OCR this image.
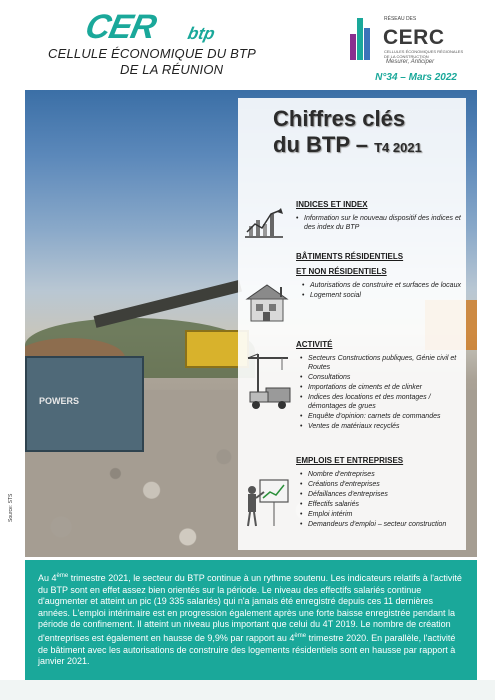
CER btp
CELLULE ÉCONOMIQUE DU BTP
DE LA RÉUNION
RÉSEAU DES
CERC
CELLULES ÉCONOMIQUES RÉGIONALES DE LA CONSTRUCTION
Mesurer, Anticiper
N°34 – Mars 2022
POWERS
Chiffres clés
du BTP – T4 2021
INDICES ET INDEX
• Information sur le nouveau dispositif des indices et des index du BTP
BÂTIMENTS RÉSIDENTIELS
ET NON RÉSIDENTIELS
• Autorisations de construire et surfaces de locaux
• Logement social
ACTIVITÉ
• Secteurs Constructions publiques, Génie civil et Routes
• Consultations
• Importations de ciments et de clinker
• Indices des locations et des montages / démontages de grues
• Enquête d'opinion: carnets de commandes
• Ventes de matériaux recyclés
EMPLOIS ET ENTREPRISES
• Nombre d'entreprises
• Créations d'entreprises
• Défaillances d'entreprises
• Effectifs salariés
• Emploi intérim
• Demandeurs d'emploi – secteur construction
Source: STS

Au 4ème trimestre 2021, le secteur du BTP continue à un rythme soutenu. Les indicateurs relatifs à l'activité du BTP sont en effet assez bien orientés sur la période. Le niveau des effectifs salariés continue d'augmenter et atteint un pic (19 335 salariés) qui n'a jamais été enregistré depuis ces 11 dernières années. L'emploi intérimaire est en progression également après une forte baisse enregistrée pendant la période de confinement. Il atteint un niveau plus important que celui du 4T 2019. Le nombre de création d'entreprises est également en hausse de 9,9% par rapport au 4ème trimestre 2020. En parallèle, l'activité de bâtiment avec les autorisations de construire des logements résidentiels sont en hausse par rapport à janvier 2021.
